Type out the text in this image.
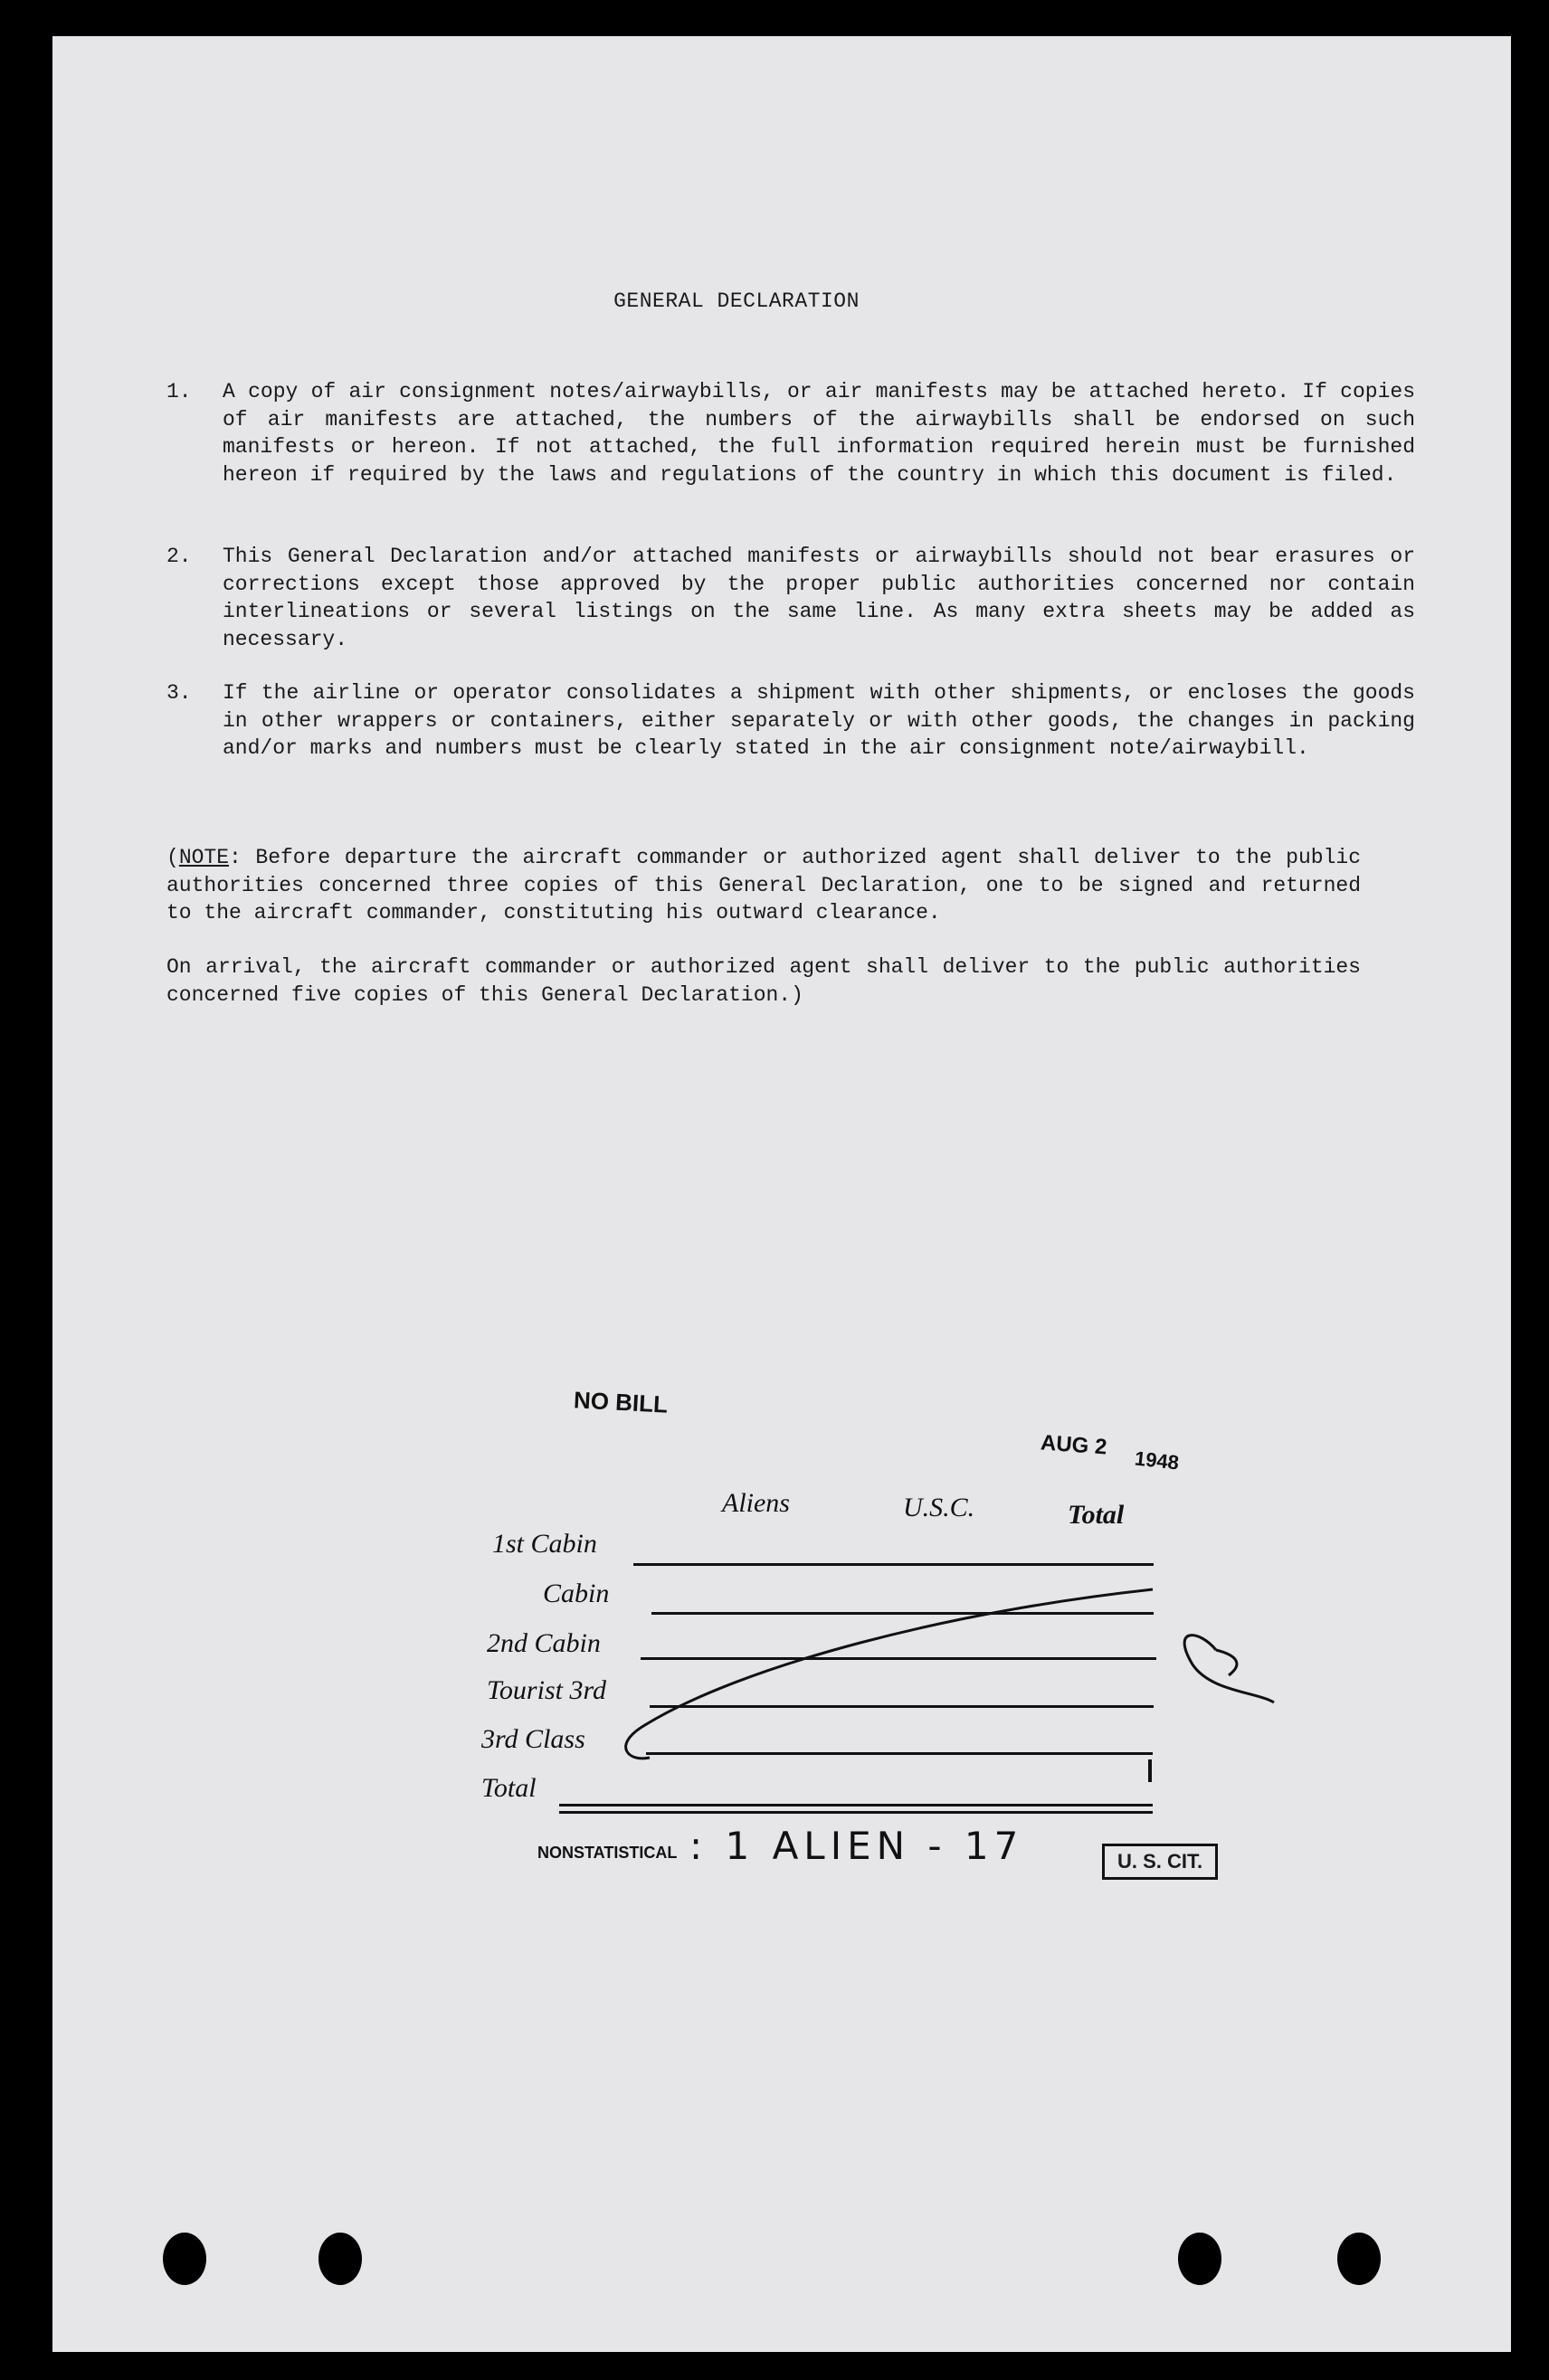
GENERAL DECLARATION
1. A copy of air consignment notes/airwaybills, or air manifests may be attached hereto. If copies of air manifests are attached, the numbers of the airwaybills shall be endorsed on such manifests or hereon. If not attached, the full information required herein must be furnished hereon if required by the laws and regulations of the country in which this document is filed.
2. This General Declaration and/or attached manifests or airwaybills should not bear erasures or corrections except those approved by the proper public authorities concerned nor contain interlineations or several listings on the same line. As many extra sheets may be added as necessary.
3. If the airline or operator consolidates a shipment with other shipments, or encloses the goods in other wrappers or containers, either separately or with other goods, the changes in packing and/or marks and numbers must be clearly stated in the air consignment note/airwaybill.
(NOTE: Before departure the aircraft commander or authorized agent shall deliver to the public authorities concerned three copies of this General Declaration, one to be signed and returned to the aircraft commander, constituting his outward clearance.
On arrival, the aircraft commander or authorized agent shall deliver to the public authorities concerned five copies of this General Declaration.)
NO BILL
AUG 2
1948
Aliens	U.S.C.	Total
1st Cabin
Cabin
2nd Cabin
Tourist 3rd
3rd Class
Total
NONSTATISTICAL : 1 ALIEN - 17	U. S. CIT.
